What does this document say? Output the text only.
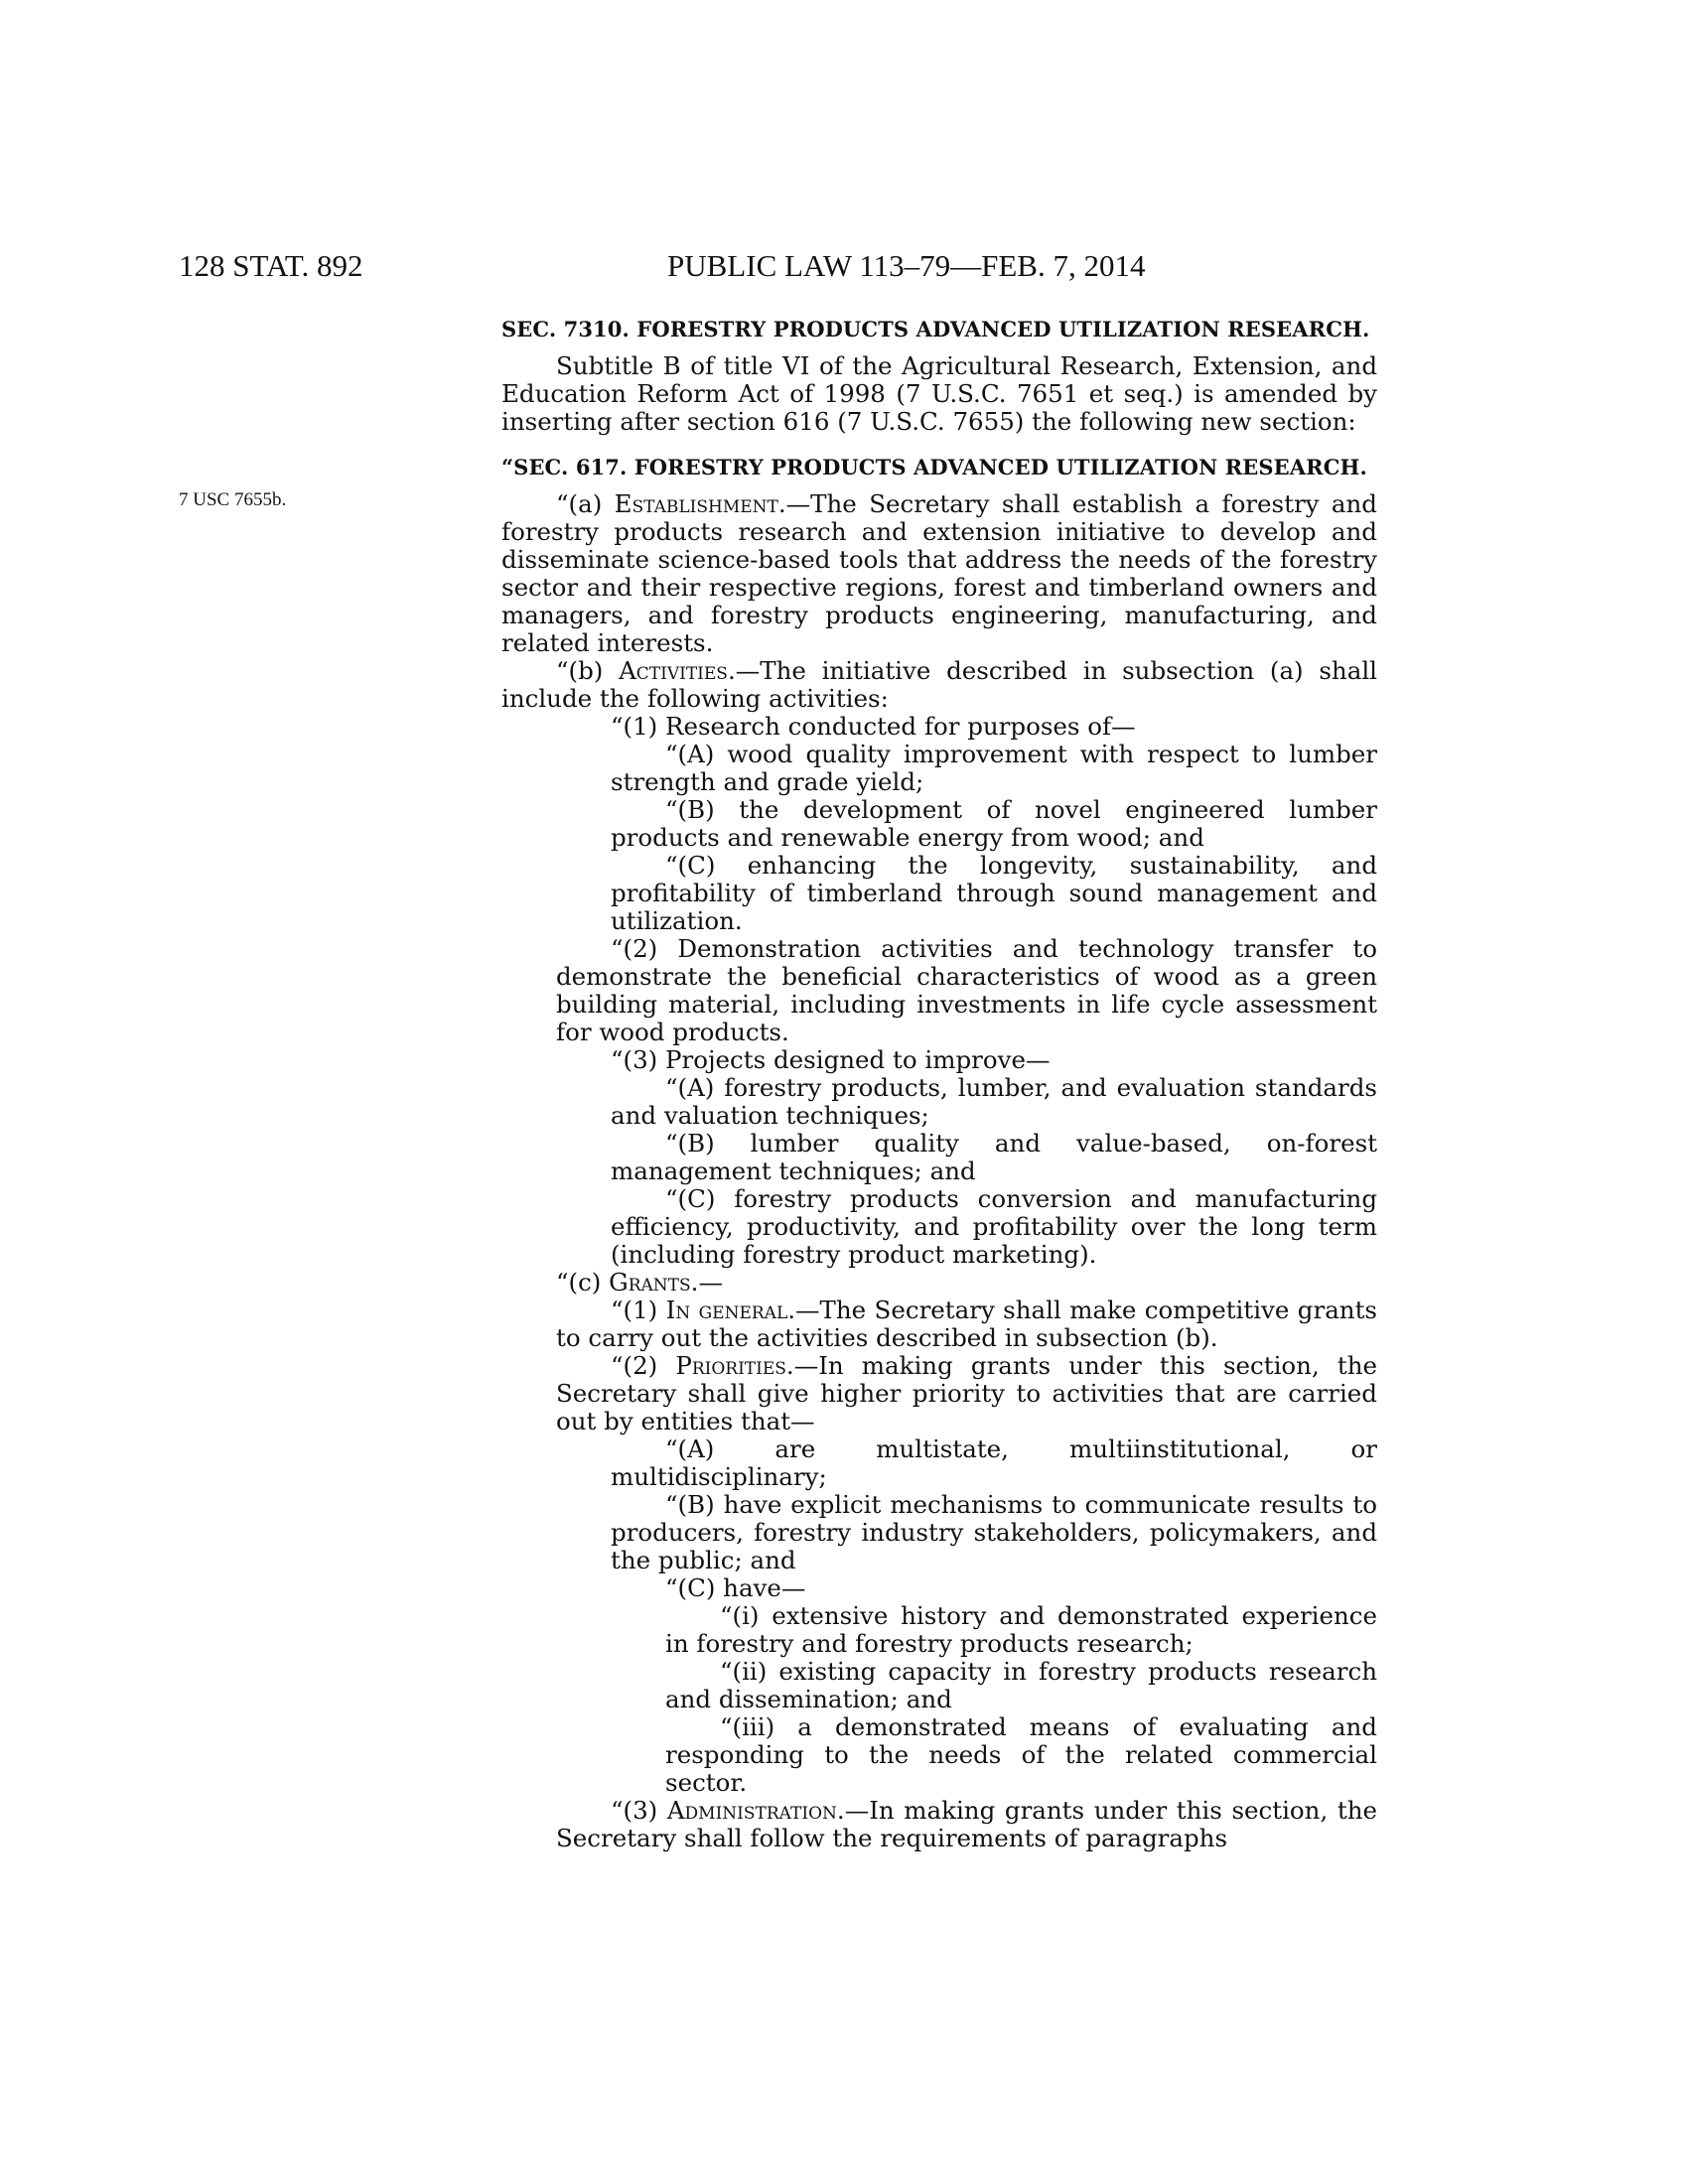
128 STAT. 892	PUBLIC LAW 113–79—FEB. 7, 2014
7 USC 7655b.

SEC. 7310. FORESTRY PRODUCTS ADVANCED UTILIZATION RESEARCH.

Subtitle B of title VI of the Agricultural Research, Extension, and Education Reform Act of 1998 (7 U.S.C. 7651 et seq.) is amended by inserting after section 616 (7 U.S.C. 7655) the following new section:

“SEC. 617. FORESTRY PRODUCTS ADVANCED UTILIZATION RESEARCH.

“(a) Establishment.—The Secretary shall establish a forestry and forestry products research and extension initiative to develop and disseminate science-based tools that address the needs of the forestry sector and their respective regions, forest and timberland owners and managers, and forestry products engineering, manufacturing, and related interests.

“(b) Activities.—The initiative described in subsection (a) shall include the following activities:

“(1) Research conducted for purposes of—

“(A) wood quality improvement with respect to lumber strength and grade yield;

“(B) the development of novel engineered lumber products and renewable energy from wood; and

“(C) enhancing the longevity, sustainability, and profitability of timberland through sound management and utilization.

“(2) Demonstration activities and technology transfer to demonstrate the beneficial characteristics of wood as a green building material, including investments in life cycle assessment for wood products.

“(3) Projects designed to improve—

“(A) forestry products, lumber, and evaluation standards and valuation techniques;

“(B) lumber quality and value-based, on-forest management techniques; and

“(C) forestry products conversion and manufacturing efficiency, productivity, and profitability over the long term (including forestry product marketing).

“(c) Grants.—

“(1) In general.—The Secretary shall make competitive grants to carry out the activities described in subsection (b).

“(2) Priorities.—In making grants under this section, the Secretary shall give higher priority to activities that are carried out by entities that—

“(A) are multistate, multiinstitutional, or multidisciplinary;

“(B) have explicit mechanisms to communicate results to producers, forestry industry stakeholders, policymakers, and the public; and

“(C) have—

“(i) extensive history and demonstrated experience in forestry and forestry products research;

“(ii) existing capacity in forestry products research and dissemination; and

“(iii) a demonstrated means of evaluating and responding to the needs of the related commercial sector.

“(3) Administration.—In making grants under this section, the Secretary shall follow the requirements of paragraphs
